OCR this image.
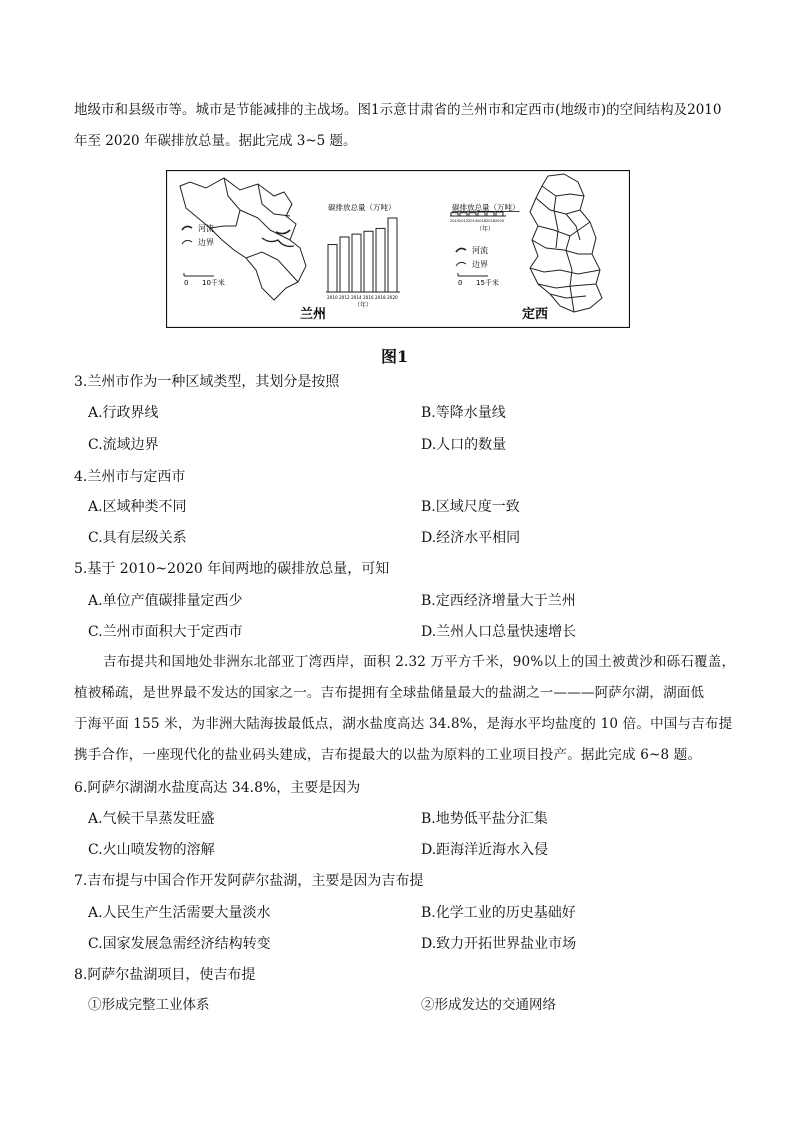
地级市和县级市等。城市是节能减排的主战场。图1示意甘肃省的兰州市和定西市(地级市)的空间结构及2010
年至 2020 年碳排放总量。据此完成 3~5 题。
河流
边界
0 10千米
兰州
碳排放总量（万吨）
（年）
2010 2012 2014 2016 2018 2020
碳排放总量（万吨）
（年）
2010 2012 2014 2016 2018 2020
河流
边界
0 15千米
定西
图1
3.兰州市作为一种区域类型，其划分是按照
A.行政界线	B.等降水量线
C.流域边界	D.人口的数量
4.兰州市与定西市
A.区域种类不同	B.区域尺度一致
C.具有层级关系	D.经济水平相同
5.基于 2010~2020 年间两地的碳排放总量，可知
A.单位产值碳排量定西少	B.定西经济增量大于兰州
C.兰州市面积大于定西市	D.兰州人口总量快速增长
吉布提共和国地处非洲东北部亚丁湾西岸，面积 2.32 万平方千米，90%以上的国土被黄沙和砾石覆盖，
植被稀疏，是世界最不发达的国家之一。吉布提拥有全球盐储量最大的盐湖之一———阿萨尔湖，湖面低
于海平面 155 米，为非洲大陆海拔最低点，湖水盐度高达 34.8%，是海水平均盐度的 10 倍。中国与吉布提
携手合作，一座现代化的盐业码头建成，吉布提最大的以盐为原料的工业项目投产。据此完成 6~8 题。
6.阿萨尔湖湖水盐度高达 34.8%，主要是因为
A.气候干旱蒸发旺盛	B.地势低平盐分汇集
C.火山喷发物的溶解	D.距海洋近海水入侵
7.吉布提与中国合作开发阿萨尔盐湖，主要是因为吉布提
A.人民生产生活需要大量淡水	B.化学工业的历史基础好
C.国家发展急需经济结构转变	D.致力开拓世界盐业市场
8.阿萨尔盐湖项目，使吉布提
①形成完整工业体系	②形成发达的交通网络
